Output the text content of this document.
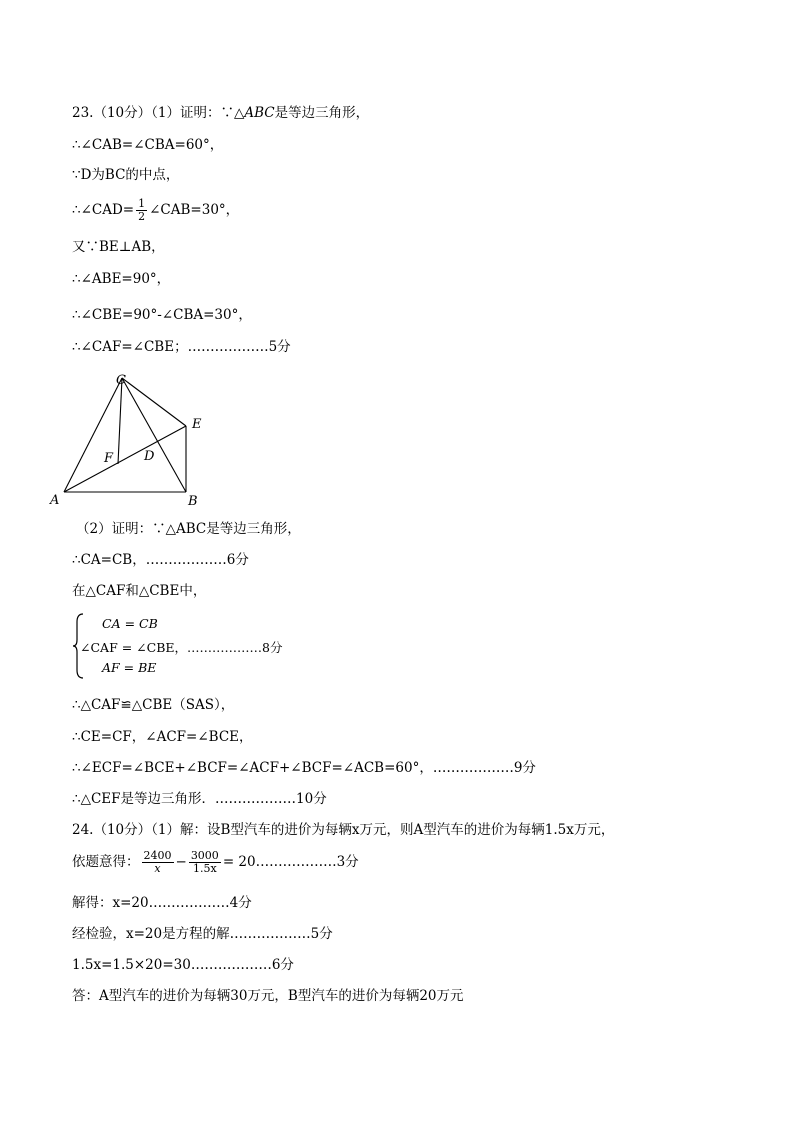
23.（10分）（1）证明：∵△ABC是等边三角形，
∴∠CAB=∠CBA=60°，
∵D为BC的中点，
∴∠CAD= $\frac{1}{2}$ ∠CAB=30°，
又∵BE⊥AB，
∴∠ABE=90°，
∴∠CBE=90°-∠CBA=30°，
∴∠CAF=∠CBE；………………5分
C
E
F D
A	B
（2）证明：∵△ABC是等边三角形，
∴CA=CB，………………6分
在△CAF和△CBE中，
CA = CB
∠CAF = ∠CBE，………………8分
AF = BE
∴△CAF≌△CBE（SAS），
∴CE=CF，∠ACF=∠BCE，
∴∠ECF=∠BCE+∠BCF=∠ACF+∠BCF=∠ACB=60°，………………9分
∴△CEF是等边三角形．………………10分
24.（10分）（1）解：设B型汽车的进价为每辆x万元，则A型汽车的进价为每辆1.5x万元，
依题意得： $\frac{2400}{x} - \frac{3000}{1.5x}$ = 20………………3分
解得：x=20………………4分
经检验，x=20是方程的解………………5分
1.5x=1.5×20=30………………6分
答：A型汽车的进价为每辆30万元，B型汽车的进价为每辆20万元
